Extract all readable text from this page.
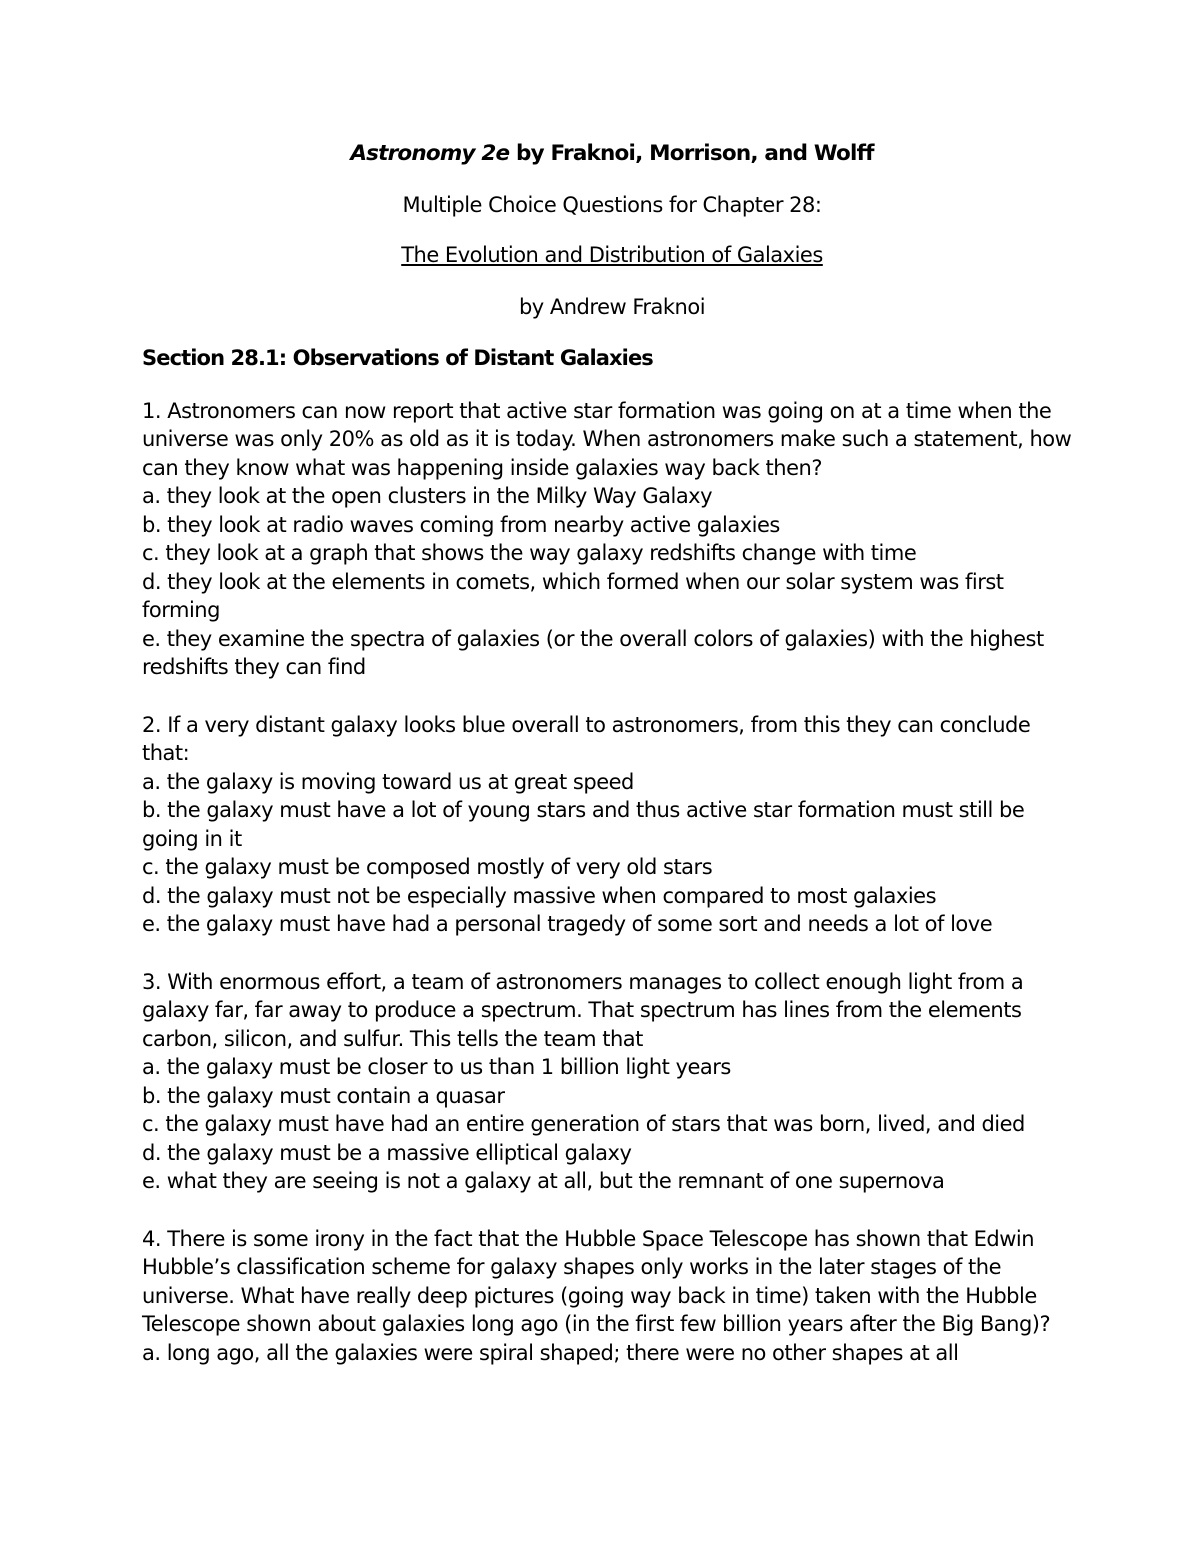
Astronomy 2e by Fraknoi, Morrison, and Wolff
Multiple Choice Questions for Chapter 28:
The Evolution and Distribution of Galaxies
by Andrew Fraknoi
Section 28.1: Observations of Distant Galaxies

1. Astronomers can now report that active star formation was going on at a time when the universe was only 20% as old as it is today. When astronomers make such a statement, how can they know what was happening inside galaxies way back then?

a. they look at the open clusters in the Milky Way Galaxy

b. they look at radio waves coming from nearby active galaxies

c. they look at a graph that shows the way galaxy redshifts change with time

d. they look at the elements in comets, which formed when our solar system was first forming

e. they examine the spectra of galaxies (or the overall colors of galaxies) with the highest redshifts they can find

2. If a very distant galaxy looks blue overall to astronomers, from this they can conclude that:

a. the galaxy is moving toward us at great speed

b. the galaxy must have a lot of young stars and thus active star formation must still be going in it

c. the galaxy must be composed mostly of very old stars

d. the galaxy must not be especially massive when compared to most galaxies

e. the galaxy must have had a personal tragedy of some sort and needs a lot of love

3. With enormous effort, a team of astronomers manages to collect enough light from a galaxy far, far away to produce a spectrum. That spectrum has lines from the elements carbon, silicon, and sulfur. This tells the team that

a. the galaxy must be closer to us than 1 billion light years

b. the galaxy must contain a quasar

c. the galaxy must have had an entire generation of stars that was born, lived, and died

d. the galaxy must be a massive elliptical galaxy

e. what they are seeing is not a galaxy at all, but the remnant of one supernova

4. There is some irony in the fact that the Hubble Space Telescope has shown that Edwin Hubble’s classification scheme for galaxy shapes only works in the later stages of the universe. What have really deep pictures (going way back in time) taken with the Hubble Telescope shown about galaxies long ago (in the first few billion years after the Big Bang)?

a. long ago, all the galaxies were spiral shaped; there were no other shapes at all
